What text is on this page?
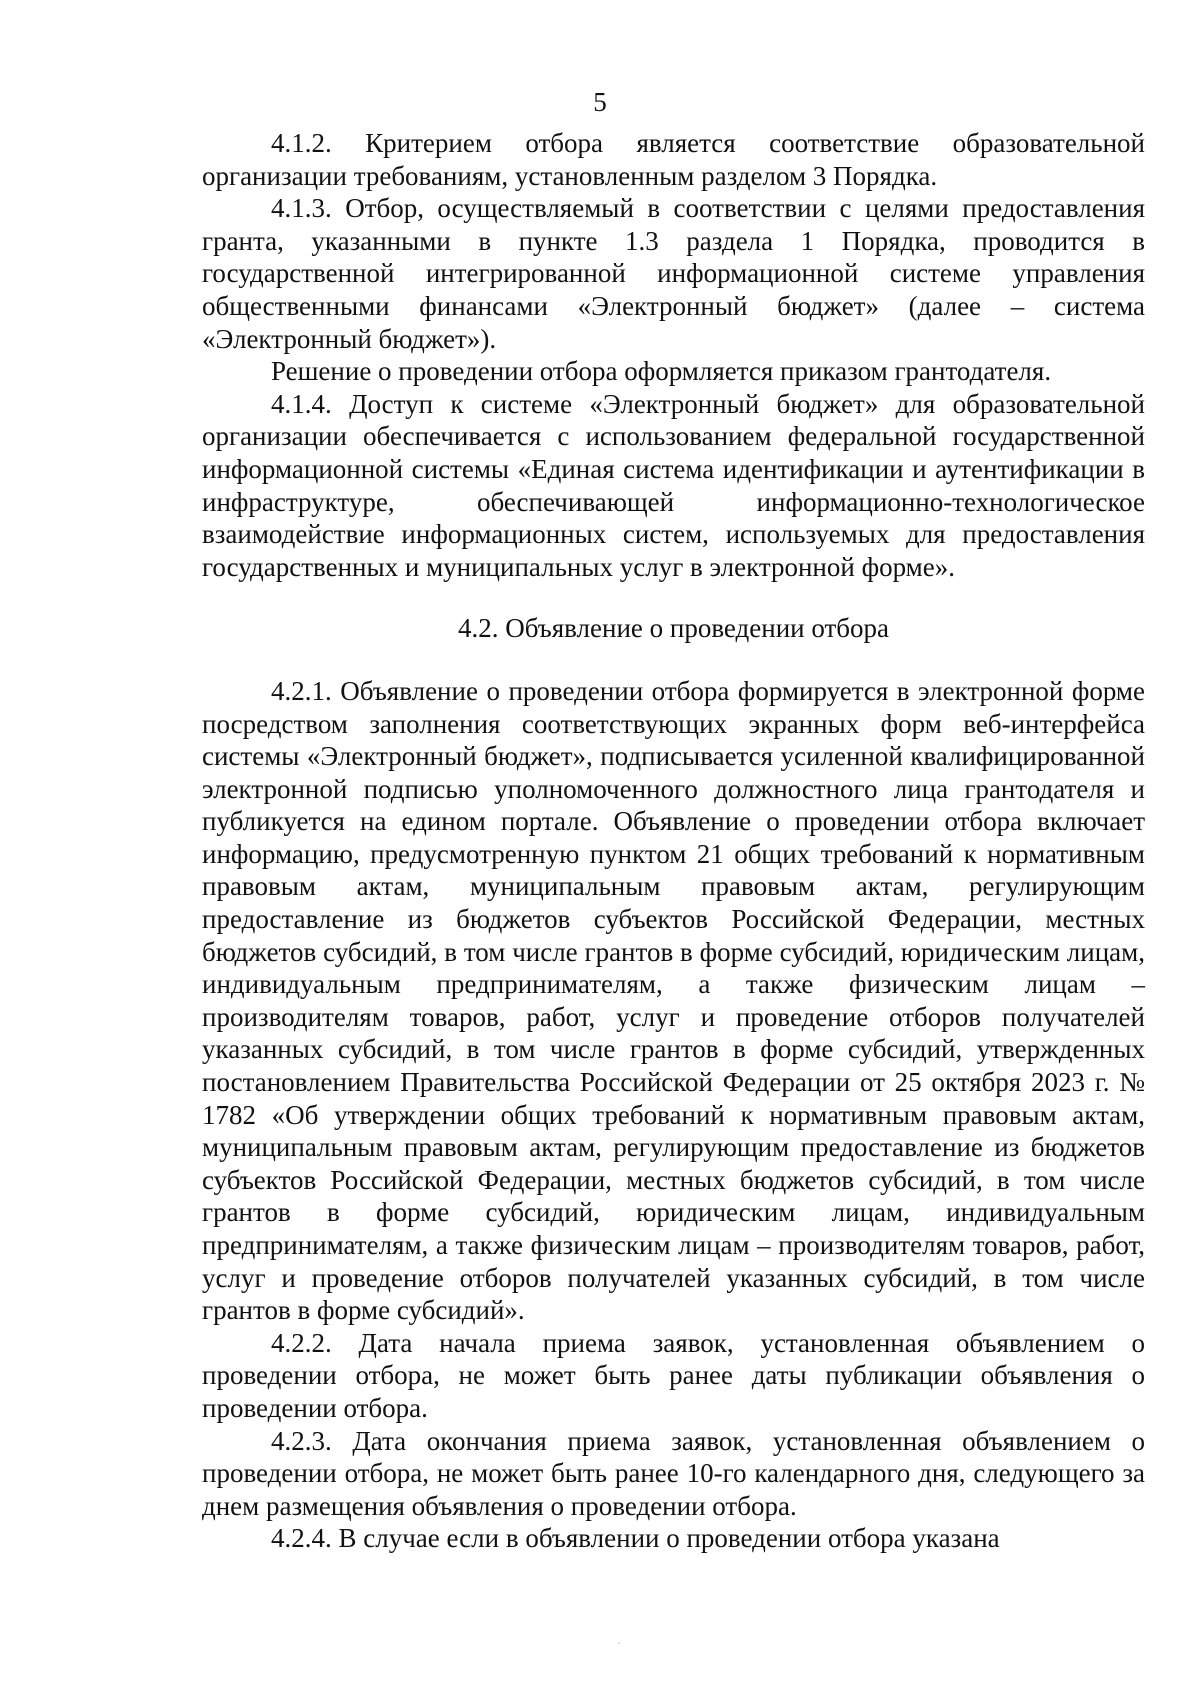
5

4.1.2. Критерием отбора является соответствие образовательной организации требованиям, установленным разделом 3 Порядка.

4.1.3. Отбор, осуществляемый в соответствии с целями предоставления гранта, указанными в пункте 1.3 раздела 1 Порядка, проводится в государственной интегрированной информационной системе управления общественными финансами «Электронный бюджет» (далее – система «Электронный бюджет»).

Решение о проведении отбора оформляется приказом грантодателя.

4.1.4. Доступ к системе «Электронный бюджет» для образовательной организации обеспечивается с использованием федеральной государственной информационной системы «Единая система идентификации и аутентификации в инфраструктуре, обеспечивающей информационно-технологическое взаимодействие информационных систем, используемых для предоставления государственных и муниципальных услуг в электронной форме».

4.2. Объявление о проведении отбора

4.2.1. Объявление о проведении отбора формируется в электронной форме посредством заполнения соответствующих экранных форм веб-интерфейса системы «Электронный бюджет», подписывается усиленной квалифицированной электронной подписью уполномоченного должностного лица грантодателя и публикуется на едином портале. Объявление о проведении отбора включает информацию, предусмотренную пунктом 21 общих требований к нормативным правовым актам, муниципальным правовым актам, регулирующим предоставление из бюджетов субъектов Российской Федерации, местных бюджетов субсидий, в том числе грантов в форме субсидий, юридическим лицам, индивидуальным предпринимателям, а также физическим лицам – производителям товаров, работ, услуг и проведение отборов получателей указанных субсидий, в том числе грантов в форме субсидий, утвержденных постановлением Правительства Российской Федерации от 25 октября 2023 г. № 1782 «Об утверждении общих требований к нормативным правовым актам, муниципальным правовым актам, регулирующим предоставление из бюджетов субъектов Российской Федерации, местных бюджетов субсидий, в том числе грантов в форме субсидий, юридическим лицам, индивидуальным предпринимателям, а также физическим лицам – производителям товаров, работ, услуг и проведение отборов получателей указанных субсидий, в том числе грантов в форме субсидий».

4.2.2. Дата начала приема заявок, установленная объявлением о проведении отбора, не может быть ранее даты публикации объявления о проведении отбора.

4.2.3. Дата окончания приема заявок, установленная объявлением о проведении отбора, не может быть ранее 10-го календарного дня, следующего за днем размещения объявления о проведении отбора.

4.2.4. В случае если в объявлении о проведении отбора указана
